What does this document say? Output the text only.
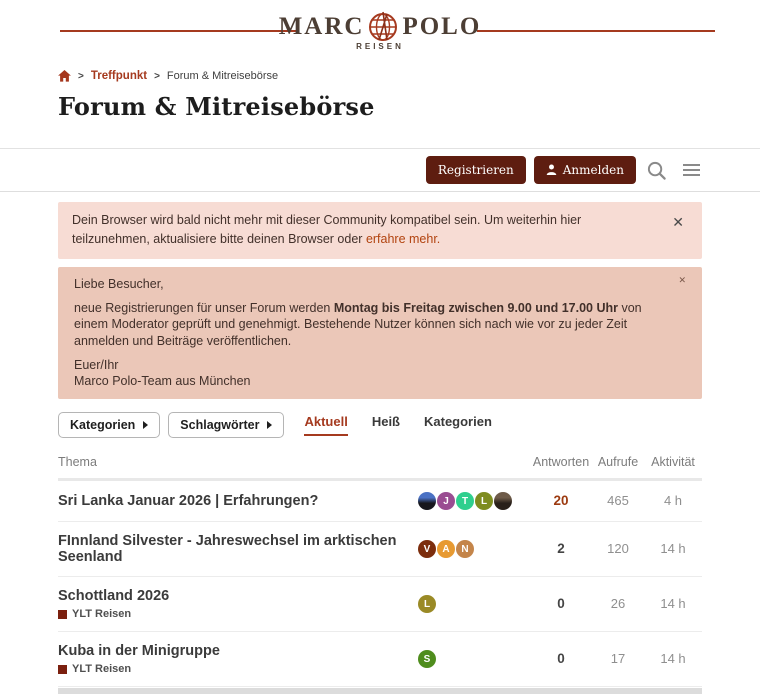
MARC POLO
REISEN
> Treffpunkt > Forum & Mitreisebörse
Forum & Mitreisebörse
Registrieren	Anmelden
Dein Browser wird bald nicht mehr mit dieser Community kompatibel sein. Um weiterhin hier teilzunehmen, aktualisiere bitte deinen Browser oder erfahre mehr.
✕

Liebe Besucher,

neue Registrierungen für unser Forum werden Montag bis Freitag zwischen 9.00 und 17.00 Uhr von einem Moderator geprüft und genehmigt. Bestehende Nutzer können sich nach wie vor zu jeder Zeit anmelden und Beiträge veröffentlichen.

Euer/Ihr

Marco Polo-Team aus München

✕
Kategorien	Schlagwörter	Aktuell Heiß Kategorien
Thema	Antworten Aufrufe	Aktivität
Sri Lanka Januar 2026 | Erfahrungen?	J	T	L	20	465	4 h
FInnland Silvester - Jahreswechsel im arktischen Seenland	V	A	N	2	120	14 h
Schottland 2026
YLT Reisen
L	0	26	14 h
Kuba in der Minigruppe
YLT Reisen
S	0	17	14 h
